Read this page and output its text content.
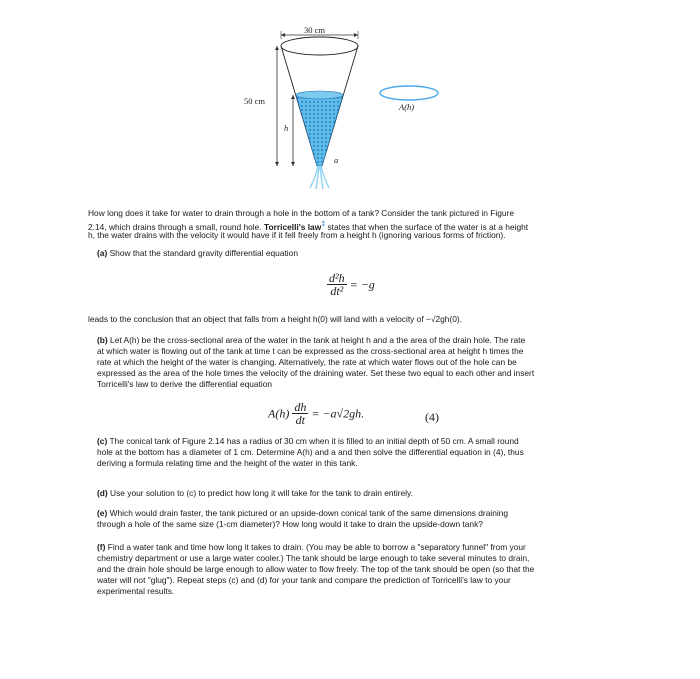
30 cm
50 cm
h
a
A(h)
How long does it take for water to drain through a hole in the bottom of a tank? Consider the tank pictured in Figure
2.14, which drains through a small, round hole. Torricelli's law‡ states that when the surface of the water is at a height
h, the water drains with the velocity it would have if it fell freely from a height h (ignoring various forms of friction).
(a) Show that the standard gravity differential equation
$\frac{\text{d²h}}{\text{dt²}} = -g$
leads to the conclusion that an object that falls from a height h(0) will land with a velocity of −√2gh(0).
(b) Let A(h) be the cross-sectional area of the water in the tank at height h and a the area of the drain hole. The rate
at which water is flowing out of the tank at time t can be expressed as the cross-sectional area at height h times the
rate at which the height of the water is changing. Alternatively, the rate at which water flows out of the hole can be
expressed as the area of the hole times the velocity of the draining water. Set these two equal to each other and insert
Torricelli's law to derive the differential equation
$A(h) \frac{dh}{dt} = -a√2gh$.	(4)
(c) The conical tank of Figure 2.14 has a radius of 30 cm when it is filled to an initial depth of 50 cm. A small round
hole at the bottom has a diameter of 1 cm. Determine A(h) and a and then solve the differential equation in (4), thus
deriving a formula relating time and the height of the water in this tank.
(d) Use your solution to (c) to predict how long it will take for the tank to drain entirely.
(e) Which would drain faster, the tank pictured or an upside-down conical tank of the same dimensions draining
through a hole of the same size (1-cm diameter)? How long would it take to drain the upside-down tank?
(f) Find a water tank and time how long it takes to drain. (You may be able to borrow a "separatory funnel" from your
chemistry department or use a large water cooler.) The tank should be large enough to take several minutes to drain,
and the drain hole should be large enough to allow water to flow freely. The top of the tank should be open (so that the
water will not "glug"). Repeat steps (c) and (d) for your tank and compare the prediction of Torricelli's law to your
experimental results.
